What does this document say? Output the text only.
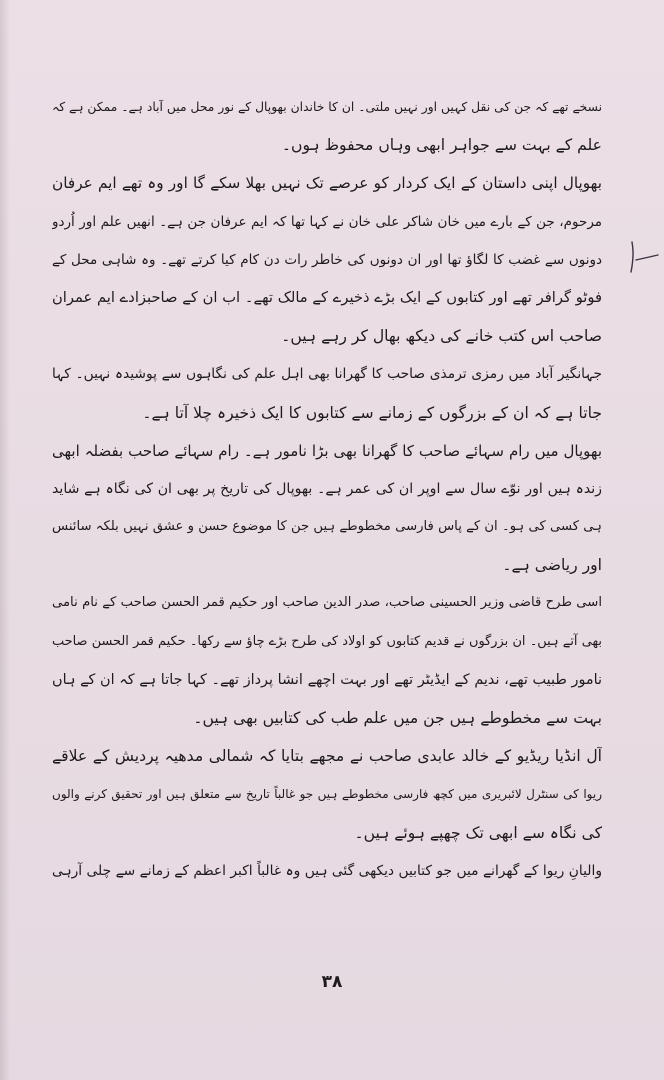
نسخے تھے کہ جن کی نقل کہیں اور نہیں ملتی۔ ان کا خاندان بھوپال کے نور محل میں آباد ہے۔ ممکن ہے کہ
علم کے بہت سے جواہر ابھی وہاں محفوظ ہوں۔
بھوپال اپنی داستان کے ایک کردار کو عرصے تک نہیں بھلا سکے گا اور وہ تھے ایم عرفان
مرحوم، جن کے بارے میں خان شاکر علی خان نے کہا تھا کہ ایم عرفان جن ہے۔ انھیں علم اور اُردو
دونوں سے غضب کا لگاؤ تھا اور ان دونوں کی خاطر رات دن کام کیا کرتے تھے۔ وہ شاہی محل کے
فوٹو گرافر تھے اور کتابوں کے ایک بڑے ذخیرے کے مالک تھے۔ اب ان کے صاحبزادے ایم عمران
صاحب اس کتب خانے کی دیکھ بھال کر رہے ہیں۔
جہانگیر آباد میں رمزی ترمذی صاحب کا گھرانا بھی اہل علم کی نگاہوں سے پوشیدہ نہیں۔ کہا
جاتا ہے کہ ان کے بزرگوں کے زمانے سے کتابوں کا ایک ذخیرہ چلا آتا ہے۔
بھوپال میں رام سہائے صاحب کا گھرانا بھی بڑا نامور ہے۔ رام سہائے صاحب بفضلہ ابھی
زندہ ہیں اور نوّے سال سے اوپر ان کی عمر ہے۔ بھوپال کی تاریخ پر بھی ان کی نگاہ ہے شاید
ہی کسی کی ہو۔ ان کے پاس فارسی مخطوطے ہیں جن کا موضوع حسن و عشق نہیں بلکہ سائنس
اور ریاضی ہے۔
اسی طرح قاضی وزیر الحسینی صاحب، صدر الدین صاحب اور حکیم قمر الحسن صاحب کے نام نامی
بھی آتے ہیں۔ ان بزرگوں نے قدیم کتابوں کو اولاد کی طرح بڑے چاؤ سے رکھا۔ حکیم قمر الحسن صاحب
نامور طبیب تھے، ندیم کے ایڈیٹر تھے اور بہت اچھے انشا پرداز تھے۔ کہا جاتا ہے کہ ان کے ہاں
بہت سے مخطوطے ہیں جن میں علم طب کی کتابیں بھی ہیں۔
آل انڈیا ریڈیو کے خالد عابدی صاحب نے مجھے بتایا کہ شمالی مدھیہ پردیش کے علاقے
ریوا کی سنٹرل لائبریری میں کچھ فارسی مخطوطے ہیں جو غالباً تاریخ سے متعلق ہیں اور تحقیق کرنے والوں
کی نگاہ سے ابھی تک چھپے ہوئے ہیں۔
والیانِ ریوا کے گھرانے میں جو کتابیں دیکھی گئی ہیں وہ غالباً اکبر اعظم کے زمانے سے چلی آرہی
۳۸
